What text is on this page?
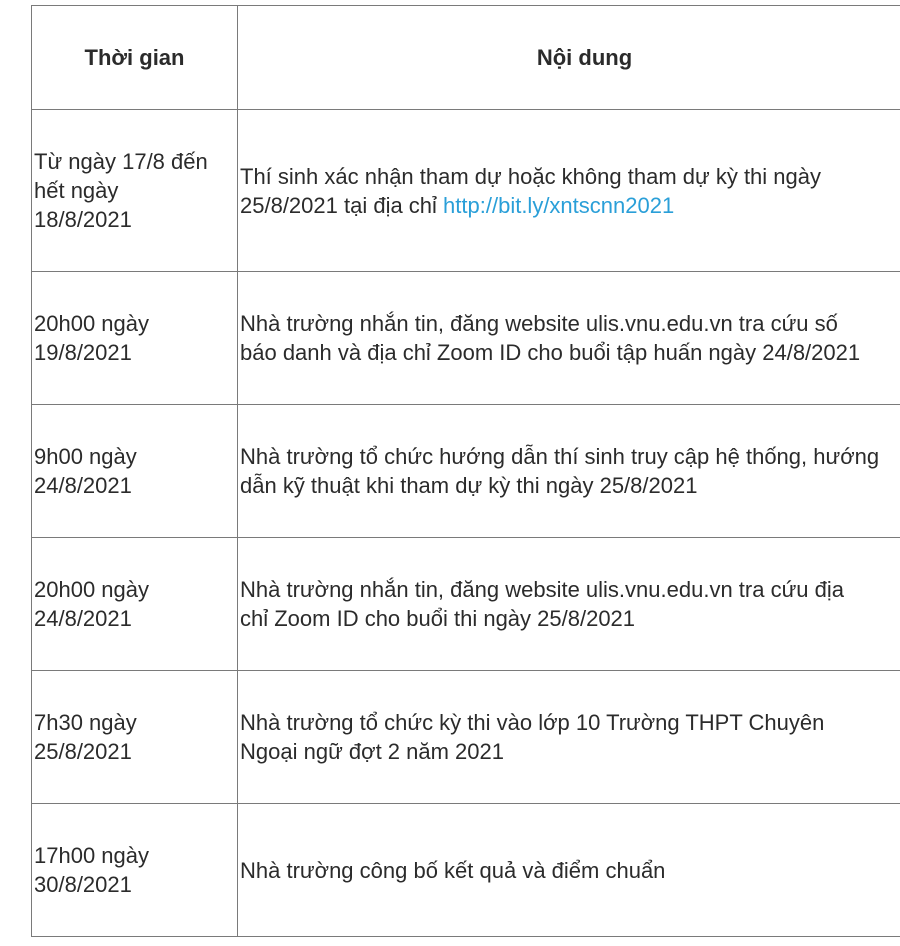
Thời gian	Nội dung

Từ ngày 17/8 đến
hết ngày
18/8/2021	Thí sinh xác nhận tham dự hoặc không tham dự kỳ thi ngày
25/8/2021 tại địa chỉ http://bit.ly/xntscnn2021

20h00 ngày
19/8/2021	Nhà trường nhắn tin, đăng website ulis.vnu.edu.vn tra cứu số
báo danh và địa chỉ Zoom ID cho buổi tập huấn ngày 24/8/2021

9h00 ngày
24/8/2021	Nhà trường tổ chức hướng dẫn thí sinh truy cập hệ thống, hướng
dẫn kỹ thuật khi tham dự kỳ thi ngày 25/8/2021

20h00 ngày
24/8/2021	Nhà trường nhắn tin, đăng website ulis.vnu.edu.vn tra cứu địa
chỉ Zoom ID cho buổi thi ngày 25/8/2021

7h30 ngày
25/8/2021	Nhà trường tổ chức kỳ thi vào lớp 10 Trường THPT Chuyên
Ngoại ngữ đợt 2 năm 2021

17h00 ngày
30/8/2021	Nhà trường công bố kết quả và điểm chuẩn
